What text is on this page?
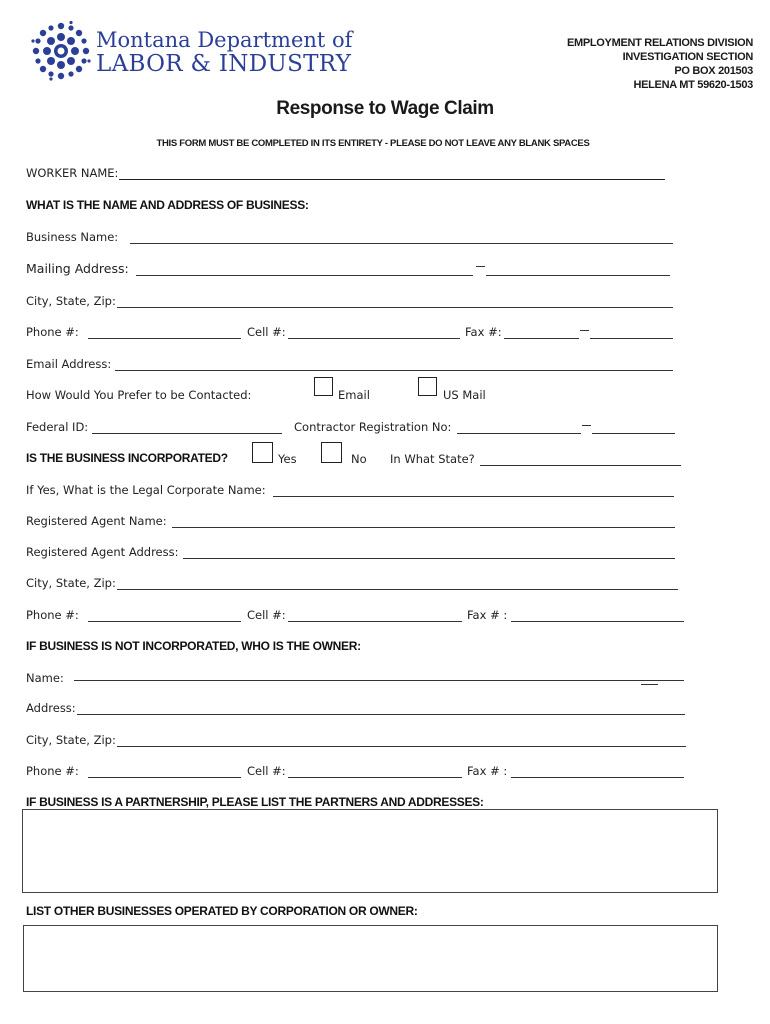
Montana Department of
LABOR & INDUSTRY
EMPLOYMENT RELATIONS DIVISION
INVESTIGATION SECTION
PO BOX 201503
HELENA MT 59620-1503
Response to Wage Claim
THIS FORM MUST BE COMPLETED IN ITS ENTIRETY - PLEASE DO NOT LEAVE ANY BLANK SPACES
WORKER NAME:
WHAT IS THE NAME AND ADDRESS OF BUSINESS:
Business Name:
Mailing Address:
City, State, Zip:
Phone #:	Cell #:	Fax #:
Email Address:
How Would You Prefer to be Contacted:	Email	US Mail
Federal ID:	Contractor Registration No:
IS THE BUSINESS INCORPORATED?	Yes	No In What State?
If Yes, What is the Legal Corporate Name:
Registered Agent Name:
Registered Agent Address:
City, State, Zip:
Phone #:	Cell #:	Fax # :
IF BUSINESS IS NOT INCORPORATED, WHO IS THE OWNER:
Name:
Address:
City, State, Zip:
Phone #:	Cell #:	Fax # :
IF BUSINESS IS A PARTNERSHIP, PLEASE LIST THE PARTNERS AND ADDRESSES:
LIST OTHER BUSINESSES OPERATED BY CORPORATION OR OWNER:
